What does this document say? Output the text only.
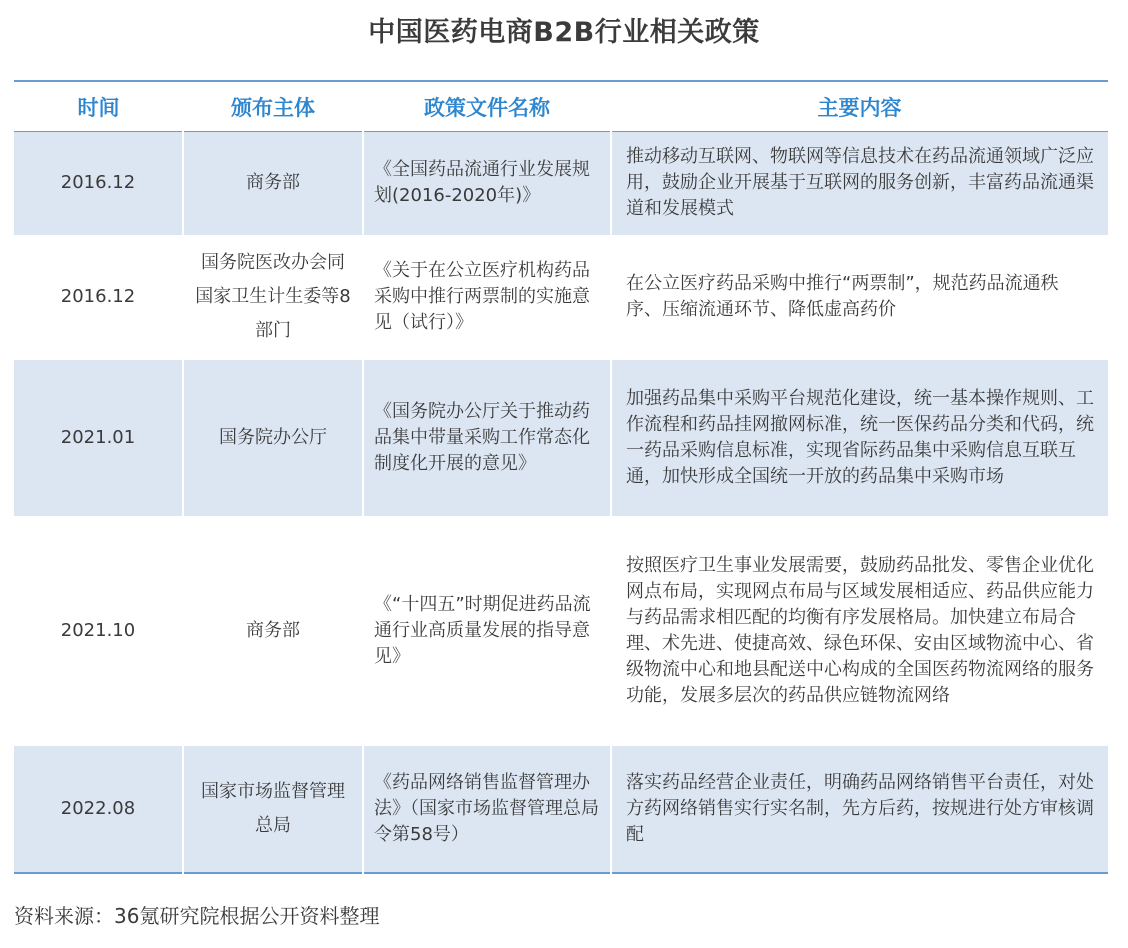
中国医药电商B2B行业相关政策
时间	颁布主体	政策文件名称	主要内容
2016.12	商务部	《全国药品流通行业发展规划(2016-2020年)》	推动移动互联网、物联网等信息技术在药品流通领域广泛应用，鼓励企业开展基于互联网的服务创新，丰富药品流通渠道和发展模式
2016.12	国务院医改办会同国家卫生计生委等8部门	《关于在公立医疗机构药品采购中推行两票制的实施意见（试行）》	在公立医疗药品采购中推行“两票制”，规范药品流通秩序、压缩流通环节、降低虚高药价
2021.01	国务院办公厅	《国务院办公厅关于推动药品集中带量采购工作常态化制度化开展的意见》	加强药品集中采购平台规范化建设，统一基本操作规则、工作流程和药品挂网撤网标准，统一医保药品分类和代码，统一药品采购信息标准，实现省际药品集中采购信息互联互通，加快形成全国统一开放的药品集中采购市场
2021.10	商务部	《“十四五”时期促进药品流通行业高质量发展的指导意见》	按照医疗卫生事业发展需要，鼓励药品批发、零售企业优化网点布局，实现网点布局与区域发展相适应、药品供应能力与药品需求相匹配的均衡有序发展格局。加快建立布局合理、术先进、使捷高效、绿色环保、安由区域物流中心、省级物流中心和地县配送中心构成的全国医药物流网络的服务功能，发展多层次的药品供应链物流网络
2022.08	国家市场监督管理总局	《药品网络销售监督管理办法》（国家市场监督管理总局令第58号）	落实药品经营企业责任，明确药品网络销售平台责任，对处方药网络销售实行实名制，先方后药，按规进行处方审核调配
资料来源：36氪研究院根据公开资料整理
